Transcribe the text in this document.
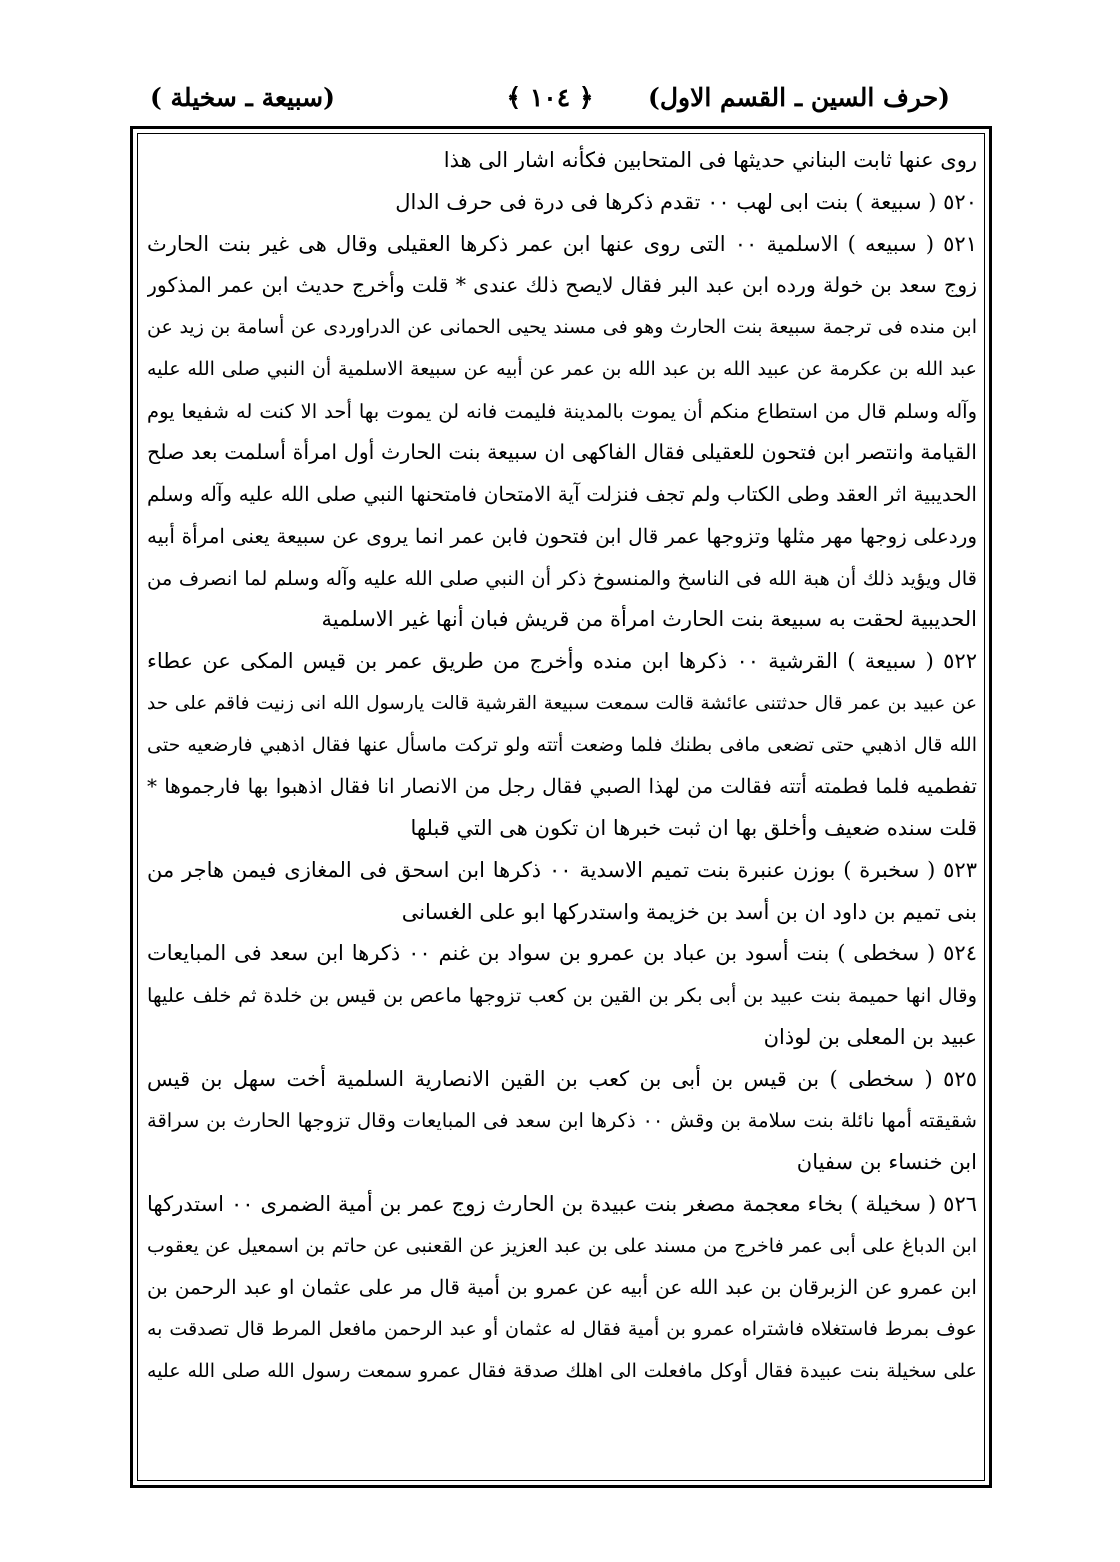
(حرف السين ـ القسم الاول)
﴿ ١٠٤ ﴾
(سبيعة ـ سخيلة )
روى عنها ثابت البناني حديثها فى المتحابين فكأنه اشار الى هذا
٥٢٠ ( سبيعة ) بنت ابى لهب ٠٠ تقدم ذكرها فى درة فى حرف الدال
٥٢١ ( سبيعه ) الاسلمية ٠٠ التى روى عنها ابن عمر ذكرها العقيلى وقال هى غير بنت الحارث
زوج سعد بن خولة ورده ابن عبد البر فقال لايصح ذلك عندى * قلت وأخرج حديث ابن عمر المذكور
ابن منده فى ترجمة سبيعة بنت الحارث وهو فى مسند يحيى الحمانى عن الدراوردى عن أسامة بن زيد عن
عبد الله بن عكرمة عن عبيد الله بن عبد الله بن عمر عن أبيه عن سبيعة الاسلمية أن النبي صلى الله عليه
وآله وسلم قال من استطاع منكم أن يموت بالمدينة فليمت فانه لن يموت بها أحد الا كنت له شفيعا يوم
القيامة وانتصر ابن فتحون للعقيلى فقال الفاكهى ان سبيعة بنت الحارث أول امرأة أسلمت بعد صلح
الحديبية اثر العقد وطى الكتاب ولم تجف فنزلت آية الامتحان فامتحنها النبي صلى الله عليه وآله وسلم
وردعلى زوجها مهر مثلها وتزوجها عمر قال ابن فتحون فابن عمر انما يروى عن سبيعة يعنى امرأة أبيه
قال ويؤيد ذلك أن هبة الله فى الناسخ والمنسوخ ذكر أن النبي صلى الله عليه وآله وسلم لما انصرف من
الحديبية لحقت به سبيعة بنت الحارث امرأة من قريش فبان أنها غير الاسلمية
٥٢٢ ( سبيعة ) القرشية ٠٠ ذكرها ابن منده وأخرج من طريق عمر بن قيس المكى عن عطاء
عن عبيد بن عمر قال حدثتنى عائشة قالت سمعت سبيعة القرشية قالت يارسول الله انى زنيت فاقم على حد
الله قال اذهبي حتى تضعى مافى بطنك فلما وضعت أتته ولو تركت ماسأل عنها فقال اذهبي فارضعيه حتى
تفطميه فلما فطمته أتته فقالت من لهذا الصبي فقال رجل من الانصار انا فقال اذهبوا بها فارجموها *
قلت سنده ضعيف وأخلق بها ان ثبت خبرها ان تكون هى التي قبلها
٥٢٣ ( سخبرة ) بوزن عنبرة بنت تميم الاسدية ٠٠ ذكرها ابن اسحق فى المغازى فيمن هاجر من
بنى تميم بن داود ان بن أسد بن خزيمة واستدركها ابو على الغسانى
٥٢٤ ( سخطى ) بنت أسود بن عباد بن عمرو بن سواد بن غنم ٠٠ ذكرها ابن سعد فى المبايعات
وقال انها حميمة بنت عبيد بن أبى بكر بن القين بن كعب تزوجها ماعص بن قيس بن خلدة ثم خلف عليها
عبيد بن المعلى بن لوذان
٥٢٥ ( سخطى ) بن قيس بن أبى بن كعب بن القين الانصارية السلمية أخت سهل بن قيس
شقيقته أمها نائلة بنت سلامة بن وقش ٠٠ ذكرها ابن سعد فى المبايعات وقال تزوجها الحارث بن سراقة
ابن خنساء بن سفيان
٥٢٦ ( سخيلة ) بخاء معجمة مصغر بنت عبيدة بن الحارث زوج عمر بن أمية الضمرى ٠٠ استدركها
ابن الدباغ على أبى عمر فاخرج من مسند على بن عبد العزيز عن القعنبى عن حاتم بن اسمعيل عن يعقوب
ابن عمرو عن الزبرقان بن عبد الله عن أبيه عن عمرو بن أمية قال مر على عثمان او عبد الرحمن بن
عوف بمرط فاستغلاه فاشتراه عمرو بن أمية فقال له عثمان أو عبد الرحمن مافعل المرط قال تصدقت به
على سخيلة بنت عبيدة فقال أوكل مافعلت الى اهلك صدقة فقال عمرو سمعت رسول الله صلى الله عليه
